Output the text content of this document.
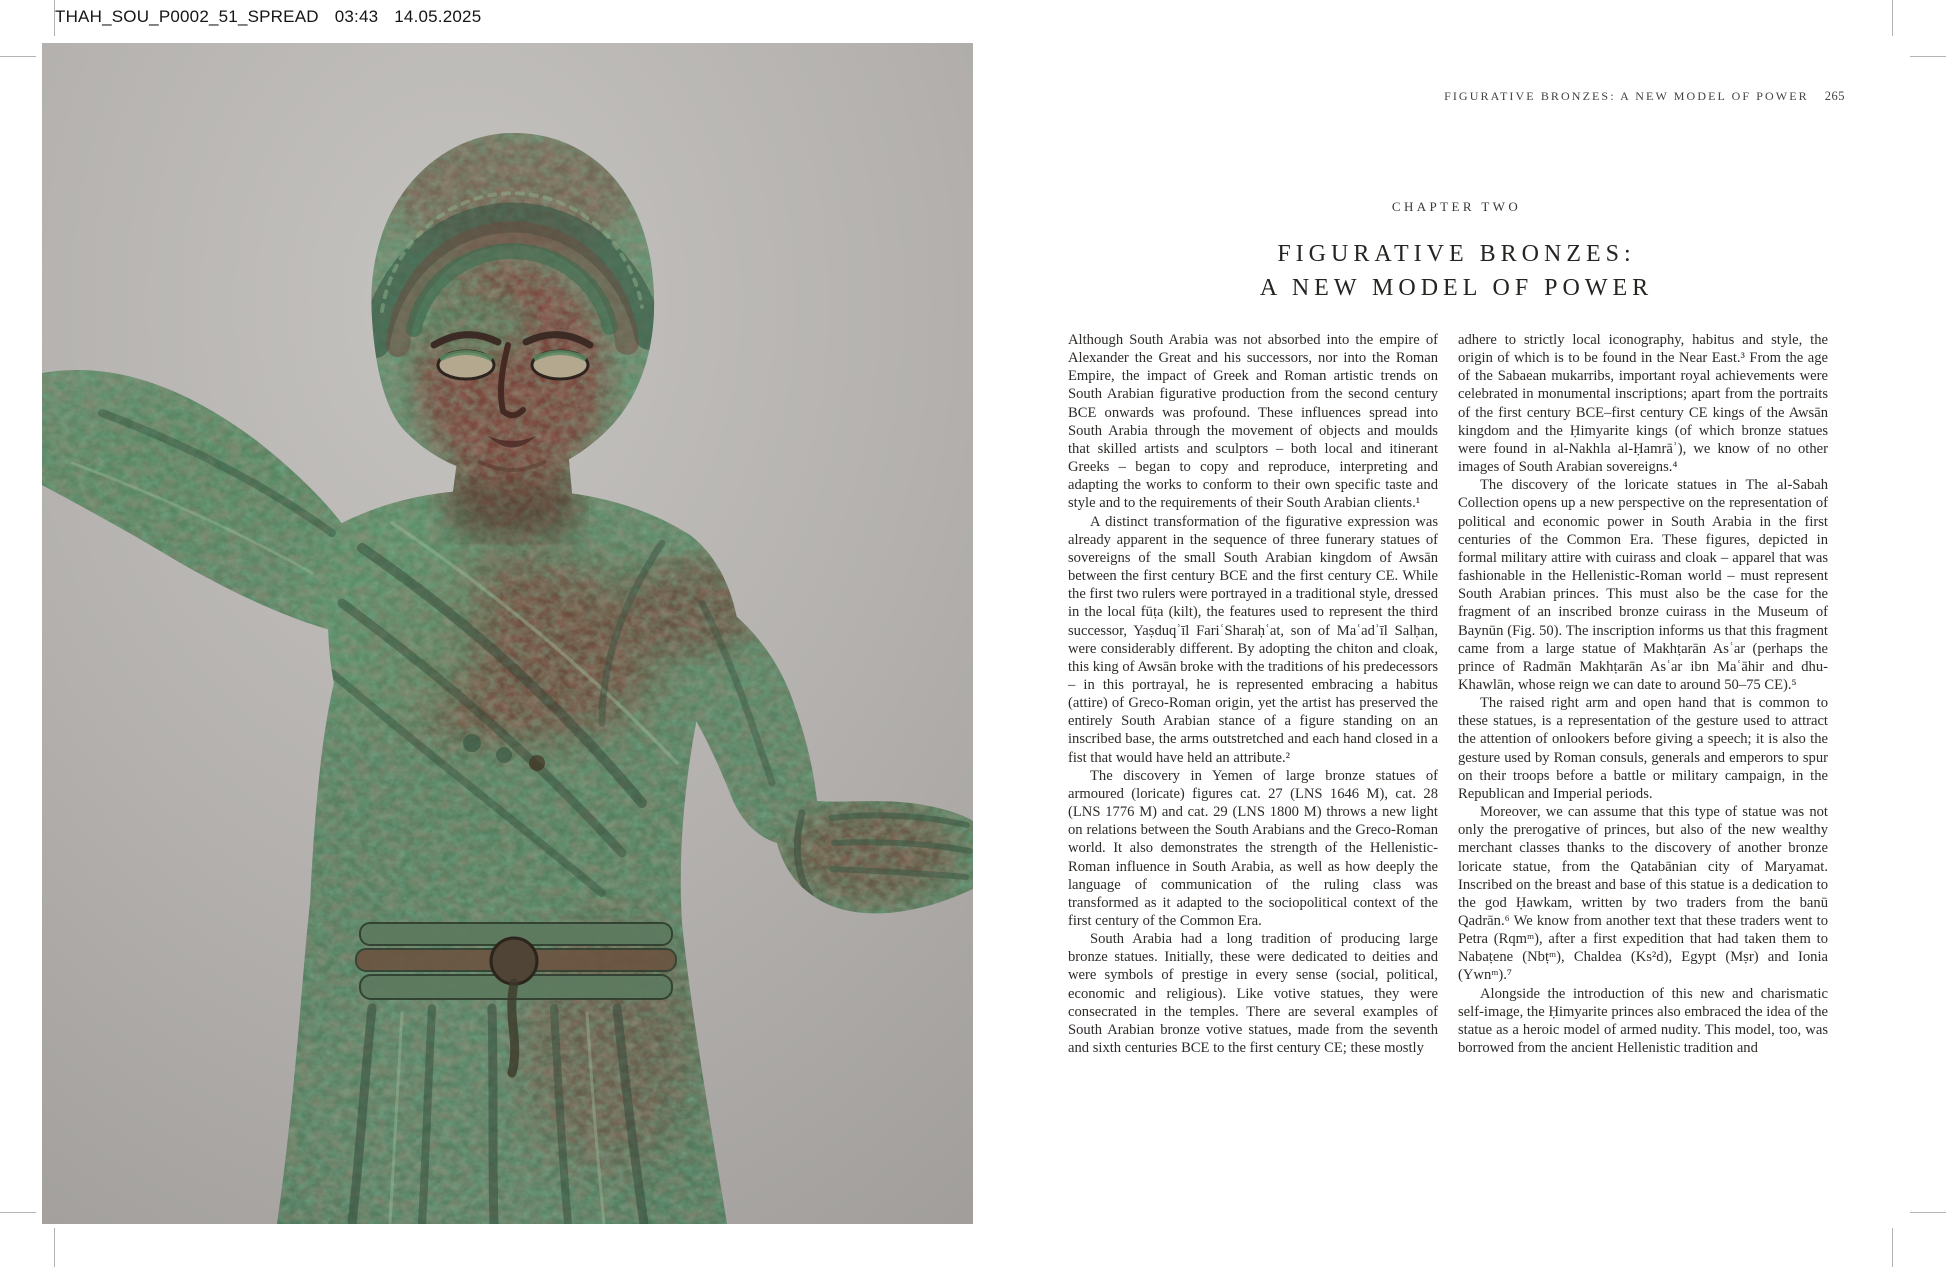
THAH_SOU_P0002_51_SPREAD 03:43 14.05.2025
FIGURATIVE BRONZES: A NEW MODEL OF POWER 265
CHAPTER TWO
FIGURATIVE BRONZES:
A NEW MODEL OF POWER

Although South Arabia was not absorbed into the empire of Alexander the Great and his successors, nor into the Roman Empire, the impact of Greek and Roman artistic trends on South Arabian figurative production from the second century BCE onwards was profound. These influences spread into South Arabia through the movement of objects and moulds that skilled artists and sculptors – both local and itinerant Greeks – began to copy and reproduce, interpreting and adapting the works to conform to their own specific taste and style and to the requirements of their South Arabian clients.¹

A distinct transformation of the figurative expression was already apparent in the sequence of three funerary statues of sovereigns of the small South Arabian kingdom of Awsān between the first century BCE and the first century CE. While the first two rulers were portrayed in a traditional style, dressed in the local fūṭa (kilt), the features used to represent the third successor, Yaṣduqʾīl FariʿSharaḥʿat, son of Maʿadʾīl Salḥan, were considerably different. By adopting the chiton and cloak, this king of Awsān broke with the traditions of his predecessors – in this portrayal, he is represented embracing a habitus (attire) of Greco-Roman origin, yet the artist has preserved the entirely South Arabian stance of a figure standing on an inscribed base, the arms outstretched and each hand closed in a fist that would have held an attribute.²

The discovery in Yemen of large bronze statues of armoured (loricate) figures cat. 27 (LNS 1646 M), cat. 28 (LNS 1776 M) and cat. 29 (LNS 1800 M) throws a new light on relations between the South Arabians and the Greco-Roman world. It also demonstrates the strength of the Hellenistic-Roman influence in South Arabia, as well as how deeply the language of communication of the ruling class was transformed as it adapted to the sociopolitical context of the first century of the Common Era.

South Arabia had a long tradition of producing large bronze statues. Initially, these were dedicated to deities and were symbols of prestige in every sense (social, political, economic and religious). Like votive statues, they were consecrated in the temples. There are several examples of South Arabian bronze votive statues, made from the seventh and sixth centuries BCE to the first century CE; these mostly

adhere to strictly local iconography, habitus and style, the origin of which is to be found in the Near East.³ From the age of the Sabaean mukarribs, important royal achievements were celebrated in monumental inscriptions; apart from the portraits of the first century BCE–first century CE kings of the Awsān kingdom and the Ḥimyarite kings (of which bronze statues were found in al-Nakhla al-Ḥamrāʾ), we know of no other images of South Arabian sovereigns.⁴

The discovery of the loricate statues in The al-Sabah Collection opens up a new perspective on the representation of political and economic power in South Arabia in the first centuries of the Common Era. These figures, depicted in formal military attire with cuirass and cloak – apparel that was fashionable in the Hellenistic-Roman world – must represent South Arabian princes. This must also be the case for the fragment of an inscribed bronze cuirass in the Museum of Baynūn (Fig. 50). The inscription informs us that this fragment came from a large statue of Makhṭarān Asʿar (perhaps the prince of Radmān Makhṭarān Asʿar ibn Maʿāhir and dhu-Khawlān, whose reign we can date to around 50–75 CE).⁵

The raised right arm and open hand that is common to these statues, is a representation of the gesture used to attract the attention of onlookers before giving a speech; it is also the gesture used by Roman consuls, generals and emperors to spur on their troops before a battle or military campaign, in the Republican and Imperial periods.

Moreover, we can assume that this type of statue was not only the prerogative of princes, but also of the new wealthy merchant classes thanks to the discovery of another bronze loricate statue, from the Qatabānian city of Maryamat. Inscribed on the breast and base of this statue is a dedication to the god Ḥawkam, written by two traders from the banū Qadrān.⁶ We know from another text that these traders went to Petra (Rqmᵐ), after a first expedition that had taken them to Nabaṭene (Nbṭᵐ), Chaldea (Ks²d), Egypt (Mṣr) and Ionia (Ywnᵐ).⁷

Alongside the introduction of this new and charismatic self-image, the Ḥimyarite princes also embraced the idea of the statue as a heroic model of armed nudity. This model, too, was borrowed from the ancient Hellenistic tradition and
